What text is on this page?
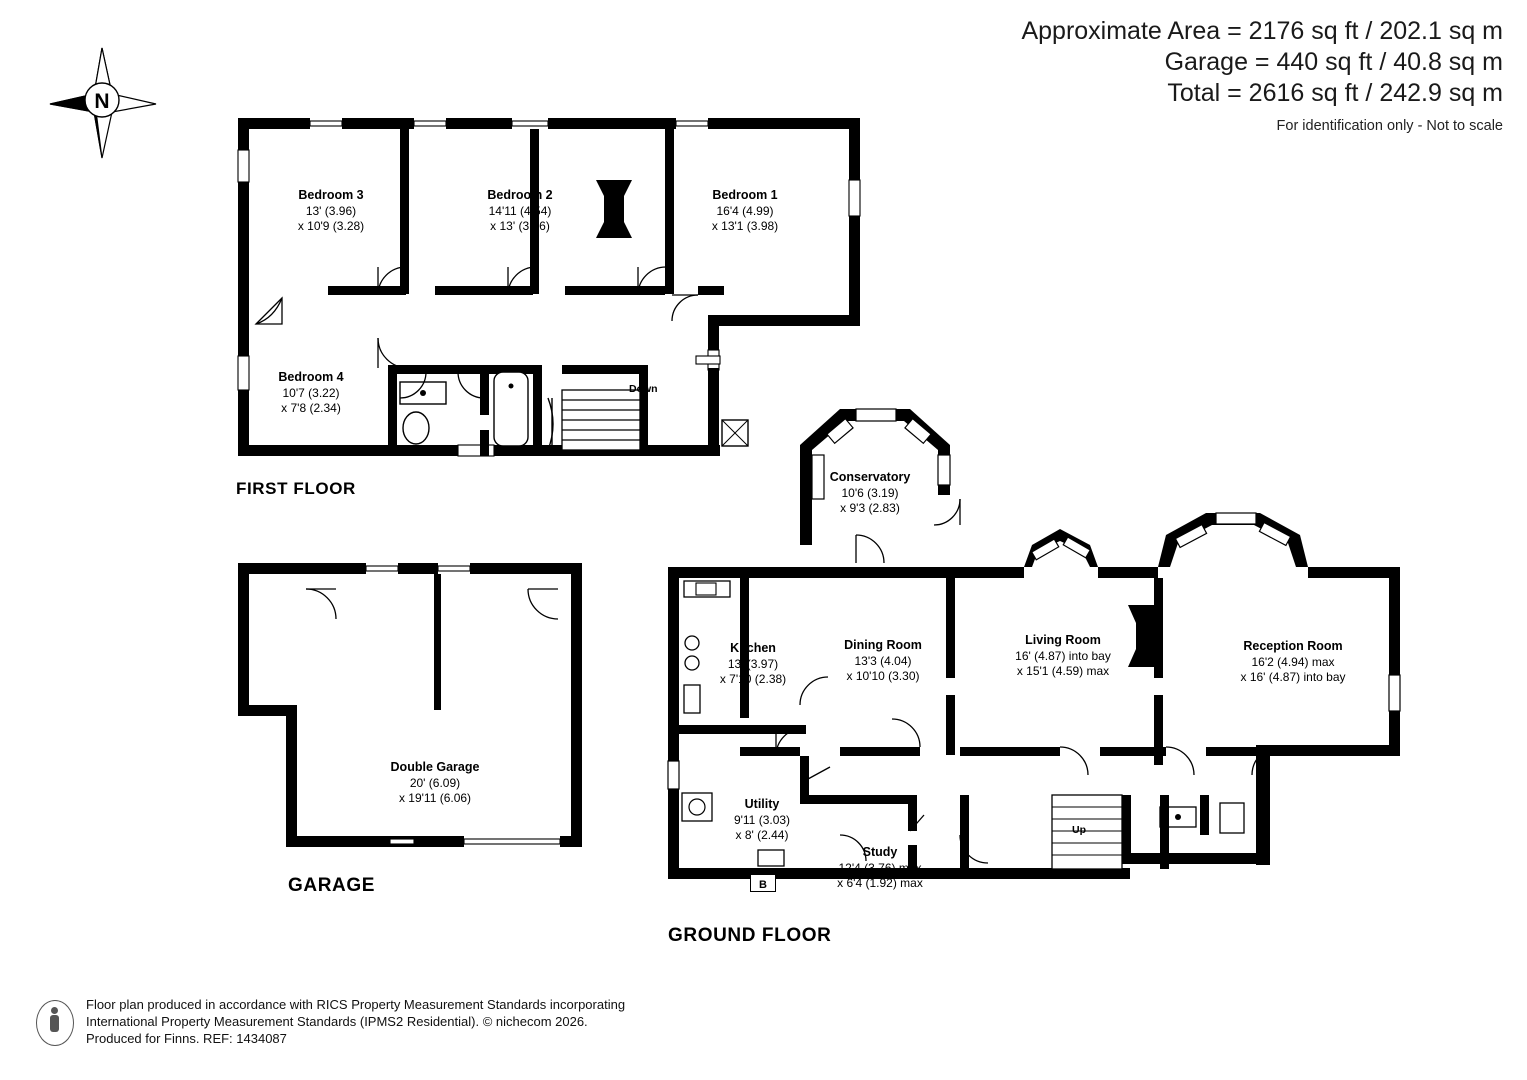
Approximate Area = 2176 sq ft / 202.1 sq m
Garage = 440 sq ft / 40.8 sq m
Total = 2616 sq ft / 242.9 sq m
For identification only - Not to scale
N
Bedroom 3
13' (3.96)
x 10'9 (3.28)
Bedroom 2
14'11 (4.54)
x 13' (3.96)
Bedroom 1
16'4 (4.99)
x 13'1 (3.98)
Bedroom 4
10'7 (3.22)
x 7'8 (2.34)
Down
FIRST FLOOR
Double Garage
20' (6.09)
x 19'11 (6.06)
GARAGE
Conservatory
10'6 (3.19)
x 9'3 (2.83)
Kitchen
13' (3.97)
x 7'10 (2.38)
Dining Room
13'3 (4.04)
x 10'10 (3.30)
Living Room
16' (4.87) into bay
x 15'1 (4.59) max
Reception Room
16'2 (4.94) max
x 16' (4.87) into bay
Utility
9'11 (3.03)
x 8' (2.44)
Study
12'4 (3.76) max
x 6'4 (1.92) max
Up
B
GROUND FLOOR
Floor plan produced in accordance with RICS Property Measurement Standards incorporating
International Property Measurement Standards (IPMS2 Residential). © nichecom 2026.
Produced for Finns. REF: 1434087
